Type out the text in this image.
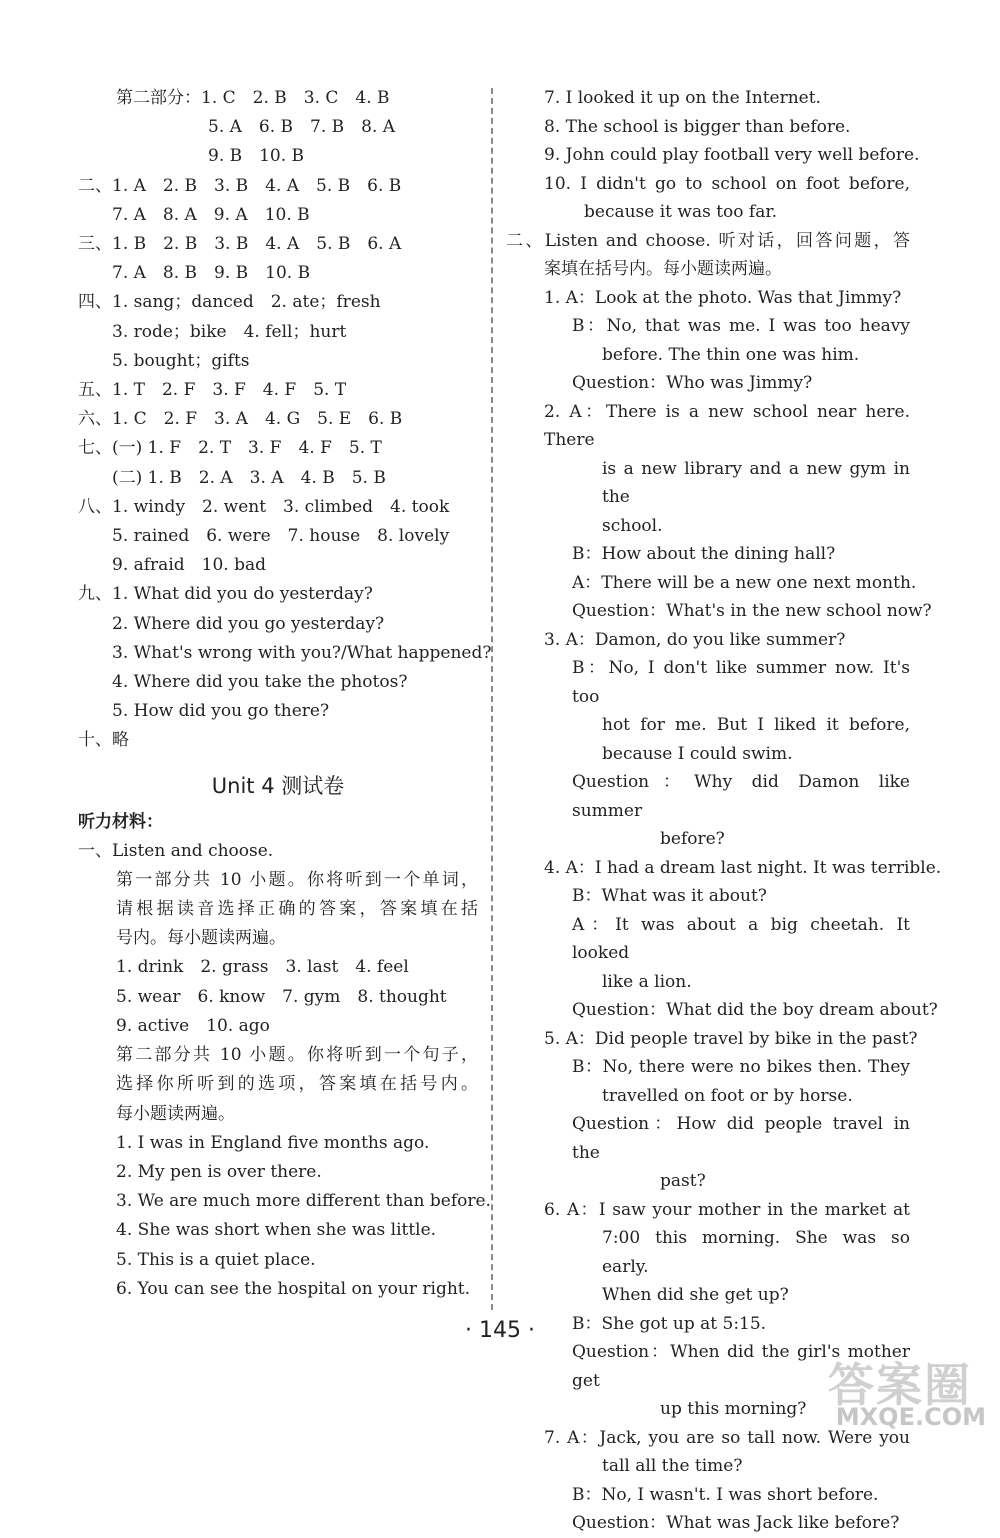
第二部分：1. C　2. B　3. C　4. B
5. A　6. B　7. B　8. A
9. B　10. B
二、1. A　2. B　3. B　4. A　5. B　6. B
7. A　8. A　9. A　10. B
三、1. B　2. B　3. B　4. A　5. B　6. A
7. A　8. B　9. B　10. B
四、1. sang；danced　2. ate；fresh
3. rode；bike　4. fell；hurt
5. bought；gifts
五、1. T　2. F　3. F　4. F　5. T
六、1. C　2. F　3. A　4. G　5. E　6. B
七、(一) 1. F　2. T　3. F　4. F　5. T
(二) 1. B　2. A　3. A　4. B　5. B
八、1. windy　2. went　3. climbed　4. took
5. rained　6. were　7. house　8. lovely
9. afraid　10. bad
九、1. What did you do yesterday?
2. Where did you go yesterday?
3. What's wrong with you?/What happened?
4. Where did you take the photos?
5. How did you go there?
十、略
Unit 4 测试卷
听力材料：
一、Listen and choose.
第一部分共 10 小题。你将听到一个单词，
请根据读音选择正确的答案，答案填在括
号内。每小题读两遍。
1. drink　2. grass　3. last　4. feel
5. wear　6. know　7. gym　8. thought
9. active　10. ago
第二部分共 10 小题。你将听到一个句子，
选择你所听到的选项，答案填在括号内。
每小题读两遍。
1. I was in England five months ago.
2. My pen is over there.
3. We are much more different than before.
4. She was short when she was little.
5. This is a quiet place.
6. You can see the hospital on your right.
7. I looked it up on the Internet.
8. The school is bigger than before.
9. John could play football very well before.
10. I didn't go to school on foot before,
because it was too far.
二、Listen and choose. 听对话，回答问题，答
案填在括号内。每小题读两遍。
1. A：Look at the photo. Was that Jimmy?
B：No, that was me. I was too heavy
before. The thin one was him.
Question：Who was Jimmy?
2. A：There is a new school near here. There
is a new library and a new gym in the
school.
B：How about the dining hall?
A：There will be a new one next month.
Question：What's in the new school now?
3. A：Damon, do you like summer?
B：No, I don't like summer now. It's too
hot for me. But I liked it before,
because I could swim.
Question：Why did Damon like summer
before?
4. A：I had a dream last night. It was terrible.
B：What was it about?
A：It was about a big cheetah. It looked
like a lion.
Question：What did the boy dream about?
5. A：Did people travel by bike in the past?
B：No, there were no bikes then. They
travelled on foot or by horse.
Question：How did people travel in the
past?
6. A：I saw your mother in the market at
7:00 this morning. She was so early.
When did she get up?
B：She got up at 5:15.
Question：When did the girl's mother get
up this morning?
7. A：Jack, you are so tall now. Were you
tall all the time?
B：No, I wasn't. I was short before.
Question：What was Jack like before?
· 145 ·
答案圈
MXQE.COM
